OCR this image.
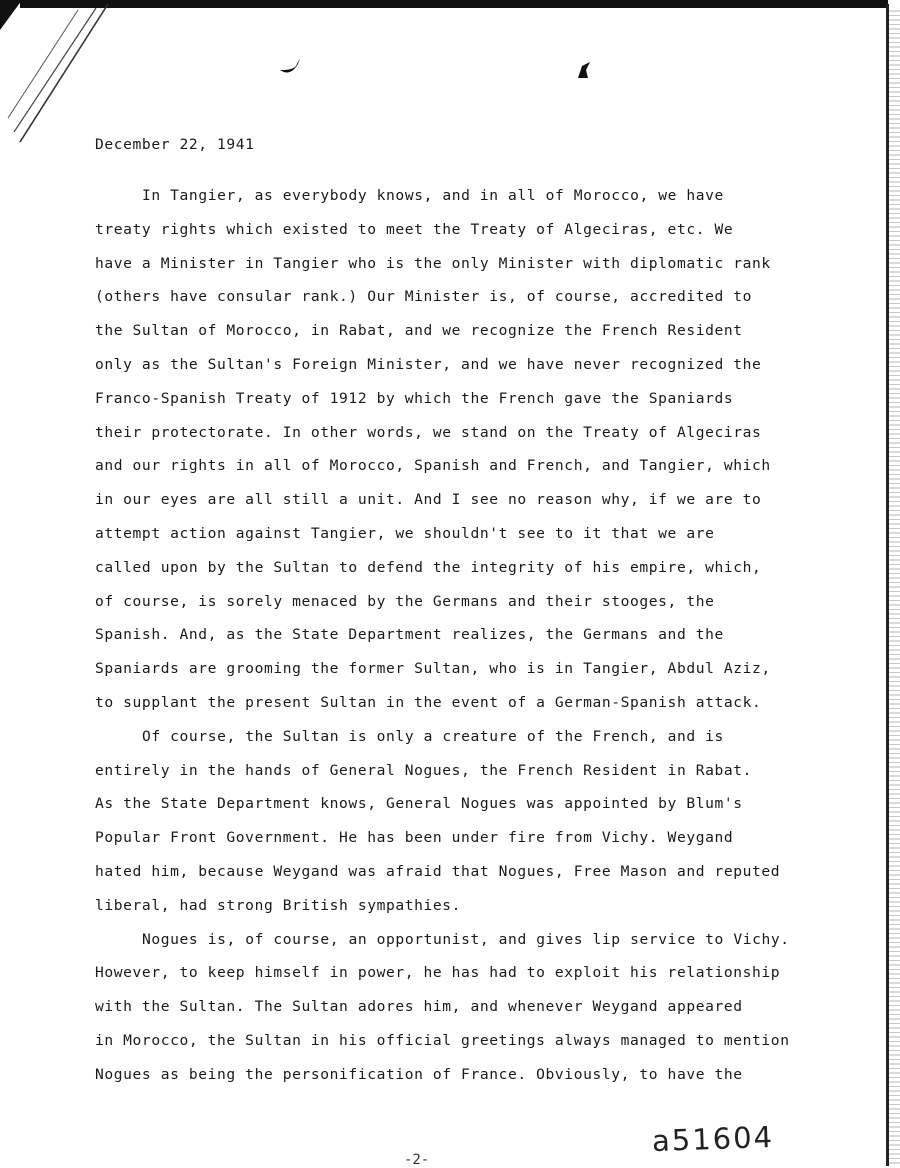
December 22, 1941
In Tangier, as everybody knows, and in all of Morocco, we have
treaty rights which existed to meet the Treaty of Algeciras, etc. We
have a Minister in Tangier who is the only Minister with diplomatic rank
(others have consular rank.) Our Minister is, of course, accredited to
the Sultan of Morocco, in Rabat, and we recognize the French Resident
only as the Sultan's Foreign Minister, and we have never recognized the
Franco-Spanish Treaty of 1912 by which the French gave the Spaniards
their protectorate. In other words, we stand on the Treaty of Algeciras
and our rights in all of Morocco, Spanish and French, and Tangier, which
in our eyes are all still a unit. And I see no reason why, if we are to
attempt action against Tangier, we shouldn't see to it that we are
called upon by the Sultan to defend the integrity of his empire, which,
of course, is sorely menaced by the Germans and their stooges, the
Spanish. And, as the State Department realizes, the Germans and the
Spaniards are grooming the former Sultan, who is in Tangier, Abdul Aziz,
to supplant the present Sultan in the event of a German-Spanish attack.
Of course, the Sultan is only a creature of the French, and is
entirely in the hands of General Nogues, the French Resident in Rabat.
As the State Department knows, General Nogues was appointed by Blum's
Popular Front Government. He has been under fire from Vichy. Weygand
hated him, because Weygand was afraid that Nogues, Free Mason and reputed
liberal, had strong British sympathies.
Nogues is, of course, an opportunist, and gives lip service to Vichy.
However, to keep himself in power, he has had to exploit his relationship
with the Sultan. The Sultan adores him, and whenever Weygand appeared
in Morocco, the Sultan in his official greetings always managed to mention
Nogues as being the personification of France. Obviously, to have the
a51604
-2-
